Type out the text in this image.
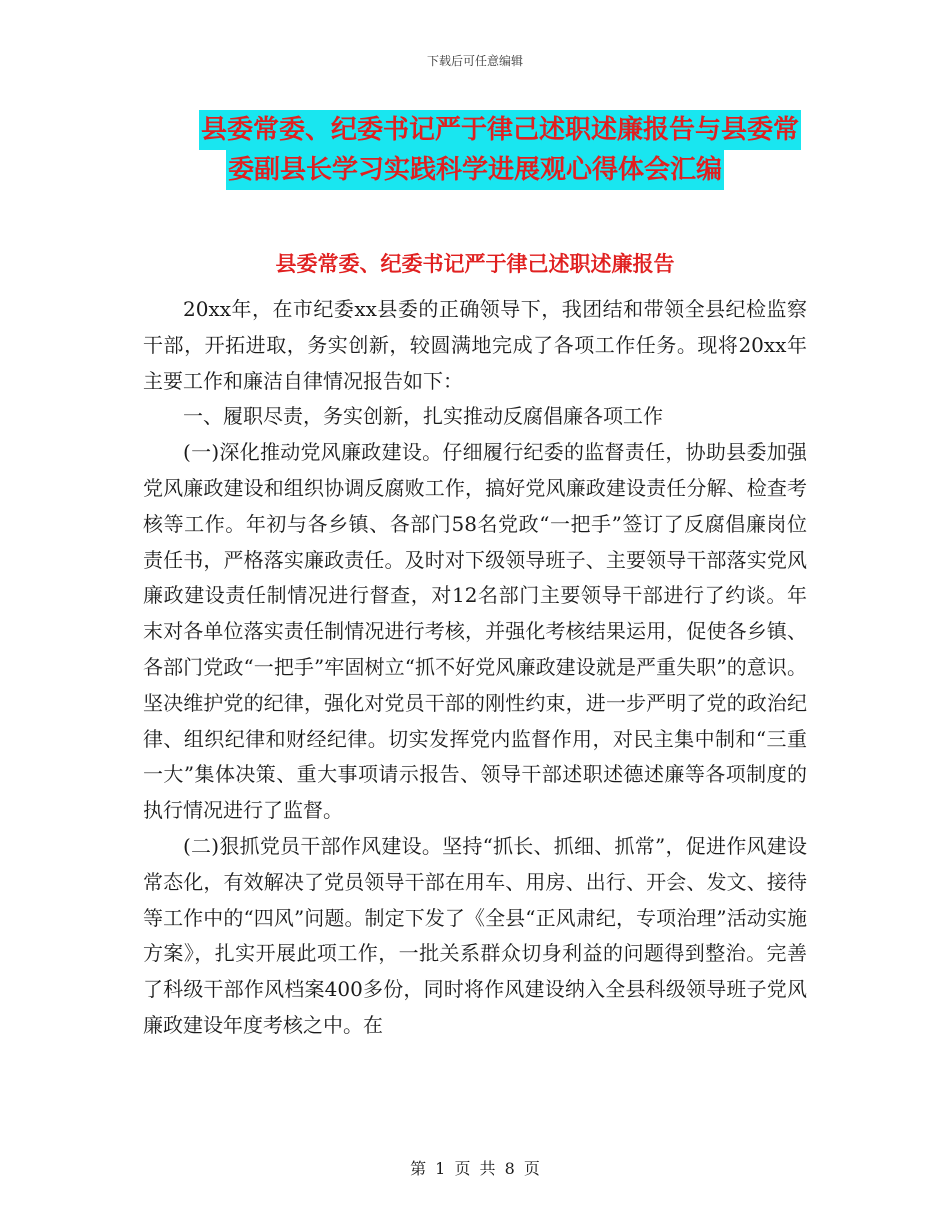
下载后可任意编辑
县委常委、纪委书记严于律己述职述廉报告与县委常
委副县长学习实践科学进展观心得体会汇编
县委常委、纪委书记严于律己述职述廉报告

20xx年，在市纪委xx县委的正确领导下，我团结和带领全县纪检监察干部，开拓进取，务实创新，较圆满地完成了各项工作任务。现将20xx年主要工作和廉洁自律情况报告如下：

一、履职尽责，务实创新，扎实推动反腐倡廉各项工作

(一)深化推动党风廉政建设。仔细履行纪委的监督责任，协助县委加强党风廉政建设和组织协调反腐败工作，搞好党风廉政建设责任分解、检查考核等工作。年初与各乡镇、各部门58名党政“一把手”签订了反腐倡廉岗位责任书，严格落实廉政责任。及时对下级领导班子、主要领导干部落实党风廉政建设责任制情况进行督查，对12名部门主要领导干部进行了约谈。年末对各单位落实责任制情况进行考核，并强化考核结果运用，促使各乡镇、各部门党政“一把手”牢固树立“抓不好党风廉政建设就是严重失职”的意识。坚决维护党的纪律，强化对党员干部的刚性约束，进一步严明了党的政治纪律、组织纪律和财经纪律。切实发挥党内监督作用，对民主集中制和“三重一大”集体决策、重大事项请示报告、领导干部述职述德述廉等各项制度的执行情况进行了监督。

(二)狠抓党员干部作风建设。坚持“抓长、抓细、抓常”，促进作风建设常态化，有效解决了党员领导干部在用车、用房、出行、开会、发文、接待等工作中的“四风”问题。制定下发了《全县“正风肃纪，专项治理”活动实施方案》，扎实开展此项工作，一批关系群众切身利益的问题得到整治。完善了科级干部作风档案400多份，同时将作风建设纳入全县科级领导班子党风廉政建设年度考核之中。在

第 1 页 共 8 页
